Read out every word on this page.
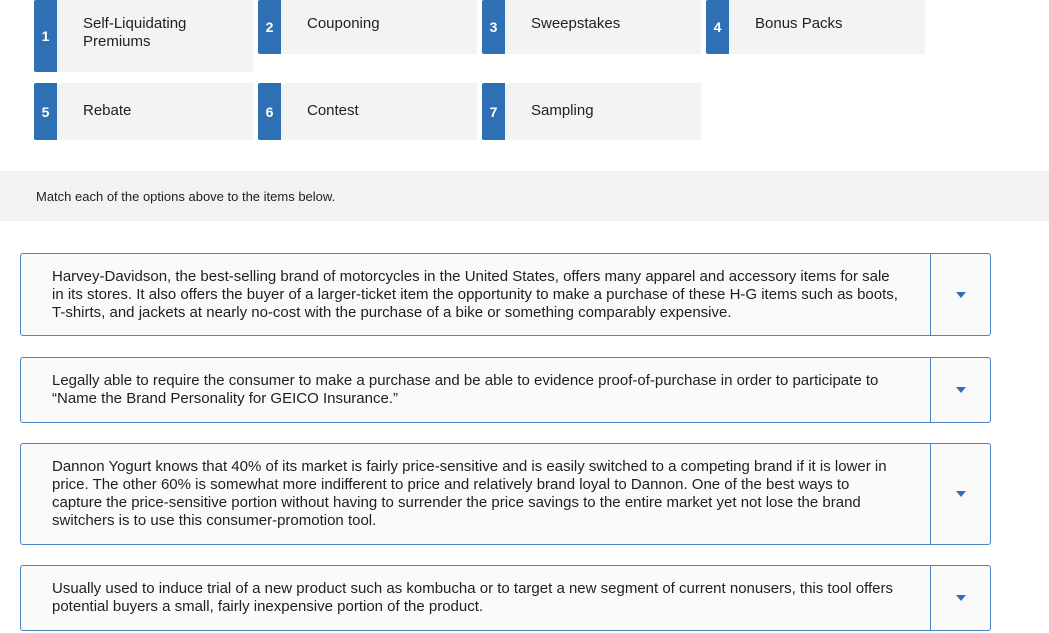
1
Self-Liquidating Premiums
2	Couponing	3	Sweepstakes	4	Bonus Packs
5	Rebate	6	Contest	7	Sampling
Match each of the options above to the items below.
Harvey-Davidson, the best-selling brand of motorcycles in the United States, offers many apparel and accessory items for sale in its stores. It also offers the buyer of a larger-ticket item the opportunity to make a purchase of these H-G items such as boots, T-shirts, and jackets at nearly no-cost with the purchase of a bike or something comparably expensive.
Legally able to require the consumer to make a purchase and be able to evidence proof-of-purchase in order to participate to “Name the Brand Personality for GEICO Insurance.”
Dannon Yogurt knows that 40% of its market is fairly price-sensitive and is easily switched to a competing brand if it is lower in price. The other 60% is somewhat more indifferent to price and relatively brand loyal to Dannon. One of the best ways to capture the price-sensitive portion without having to surrender the price savings to the entire market yet not lose the brand switchers is to use this consumer-promotion tool.
Usually used to induce trial of a new product such as kombucha or to target a new segment of current nonusers, this tool offers potential buyers a small, fairly inexpensive portion of the product.
